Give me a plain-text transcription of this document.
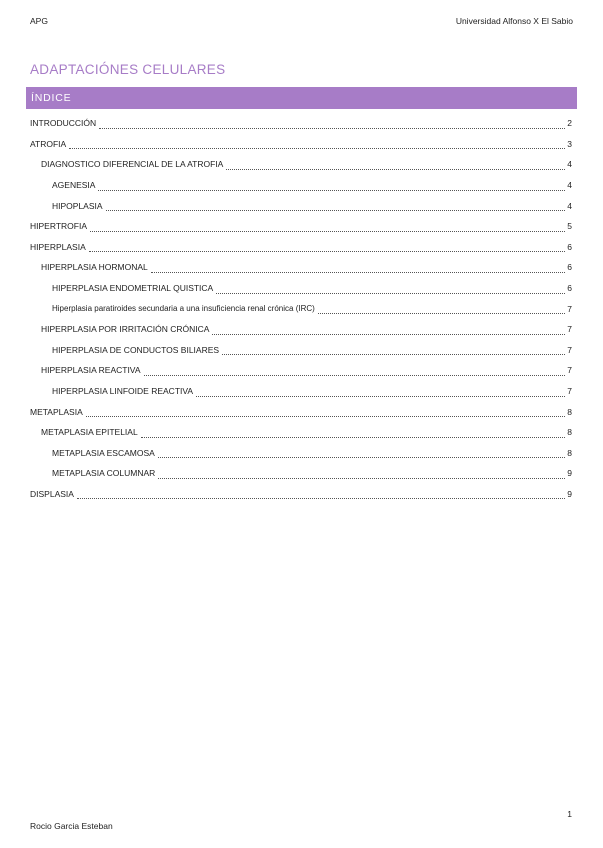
APG	Universidad Alfonso X El Sabio
ADAPTACIÓNES CELULARES
ÍNDICE
INTRODUCCIÓN	2
ATROFIA	3
DIAGNOSTICO DIFERENCIAL DE LA ATROFIA	4
AGENESIA	4
HIPOPLASIA	4
HIPERTROFIA	5
HIPERPLASIA	6
HIPERPLASIA HORMONAL	6
HIPERPLASIA ENDOMETRIAL QUISTICA	6
Hiperplasia paratiroides secundaria a una insuficiencia renal crónica (IRC)	7
HIPERPLASIA POR IRRITACIÓN CRÓNICA	7
HIPERPLASIA DE CONDUCTOS BILIARES	7
HIPERPLASIA REACTIVA	7
HIPERPLASIA LINFOIDE REACTIVA	7
METAPLASIA	8
METAPLASIA EPITELIAL	8
METAPLASIA ESCAMOSA	8
METAPLASIA COLUMNAR	9
DISPLASIA	9
1
Rocio Garcia Esteban
